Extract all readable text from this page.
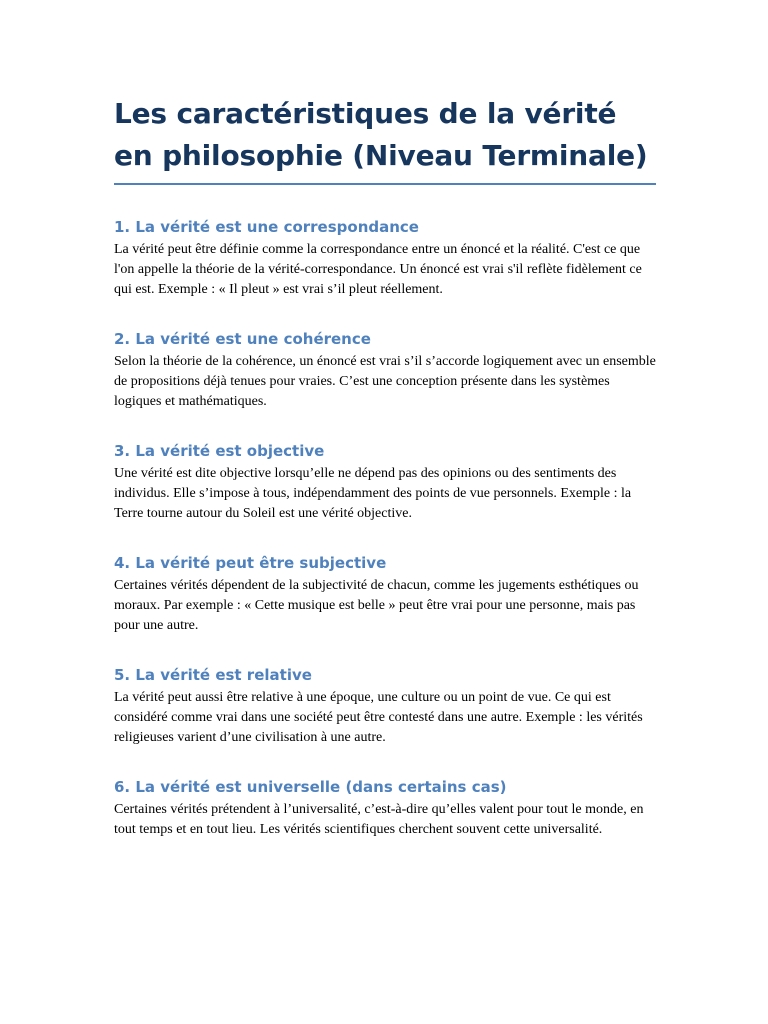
Les caractéristiques de la vérité en philosophie (Niveau Terminale)
1. La vérité est une correspondance

La vérité peut être définie comme la correspondance entre un énoncé et la réalité. C'est ce que l'on appelle la théorie de la vérité-correspondance. Un énoncé est vrai s'il reflète fidèlement ce qui est. Exemple : « Il pleut » est vrai s’il pleut réellement.

2. La vérité est une cohérence

Selon la théorie de la cohérence, un énoncé est vrai s’il s’accorde logiquement avec un ensemble de propositions déjà tenues pour vraies. C’est une conception présente dans les systèmes logiques et mathématiques.

3. La vérité est objective

Une vérité est dite objective lorsqu’elle ne dépend pas des opinions ou des sentiments des individus. Elle s’impose à tous, indépendamment des points de vue personnels. Exemple : la Terre tourne autour du Soleil est une vérité objective.

4. La vérité peut être subjective

Certaines vérités dépendent de la subjectivité de chacun, comme les jugements esthétiques ou moraux. Par exemple : « Cette musique est belle » peut être vrai pour une personne, mais pas pour une autre.

5. La vérité est relative

La vérité peut aussi être relative à une époque, une culture ou un point de vue. Ce qui est considéré comme vrai dans une société peut être contesté dans une autre. Exemple : les vérités religieuses varient d’une civilisation à une autre.

6. La vérité est universelle (dans certains cas)

Certaines vérités prétendent à l’universalité, c’est-à-dire qu’elles valent pour tout le monde, en tout temps et en tout lieu. Les vérités scientifiques cherchent souvent cette universalité.
